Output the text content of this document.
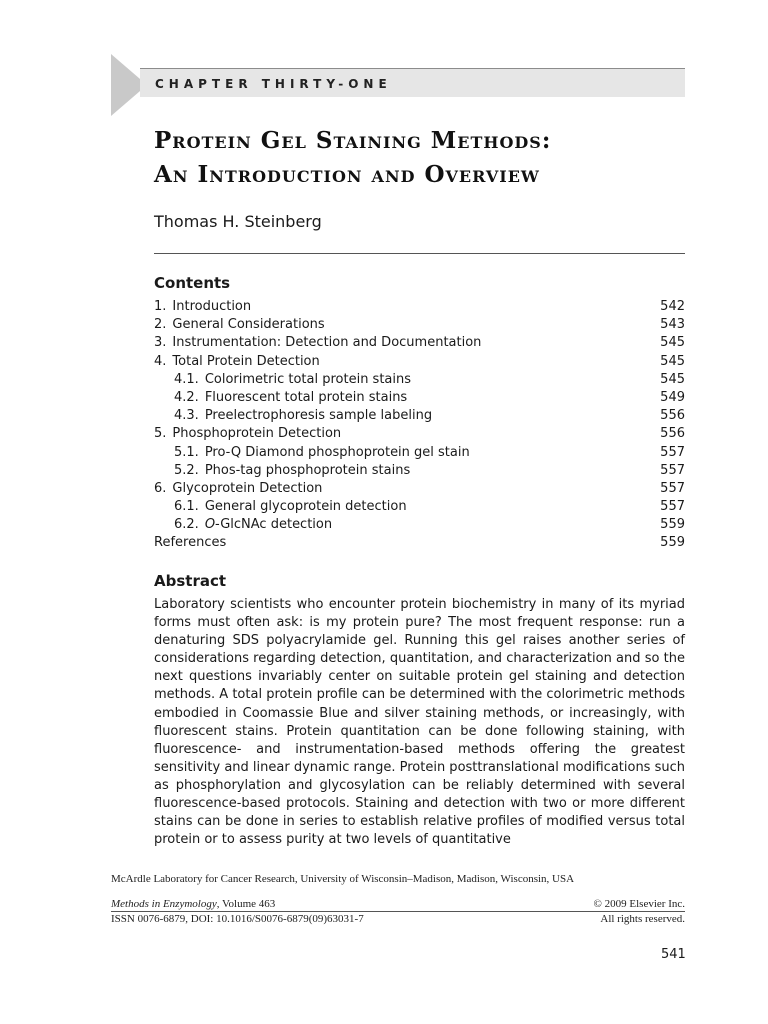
CHAPTER THIRTY-ONE
Protein Gel Staining Methods:
An Introduction and Overview
Thomas H. Steinberg
Contents
1. Introduction	542
2. General Considerations	543
3. Instrumentation: Detection and Documentation	545
4. Total Protein Detection	545
4.1. Colorimetric total protein stains	545
4.2. Fluorescent total protein stains	549
4.3. Preelectrophoresis sample labeling	556
5. Phosphoprotein Detection	556
5.1. Pro-Q Diamond phosphoprotein gel stain	557
5.2. Phos-tag phosphoprotein stains	557
6. Glycoprotein Detection	557
6.1. General glycoprotein detection	557
6.2. O-GlcNAc detection	559
References	559
Abstract
Laboratory scientists who encounter protein biochemistry in many of its myriad forms must often ask: is my protein pure? The most frequent response: run a denaturing SDS polyacrylamide gel. Running this gel raises another series of considerations regarding detection, quantitation, and characterization and so the next questions invariably center on suitable protein gel staining and detection methods. A total protein profile can be determined with the colorimetric methods embodied in Coomassie Blue and silver staining methods, or increasingly, with fluorescent stains. Protein quantitation can be done following staining, with fluorescence- and instrumentation-based methods offering the greatest sensitivity and linear dynamic range. Protein posttranslational modifications such as phosphorylation and glycosylation can be reliably determined with several fluorescence-based protocols. Staining and detection with two or more different stains can be done in series to establish relative profiles of modified versus total protein or to assess purity at two levels of quantitative
McArdle Laboratory for Cancer Research, University of Wisconsin–Madison, Madison, Wisconsin, USA
Methods in Enzymology, Volume 463	© 2009 Elsevier Inc.
ISSN 0076-6879, DOI: 10.1016/S0076-6879(09)63031-7	All rights reserved.
541
